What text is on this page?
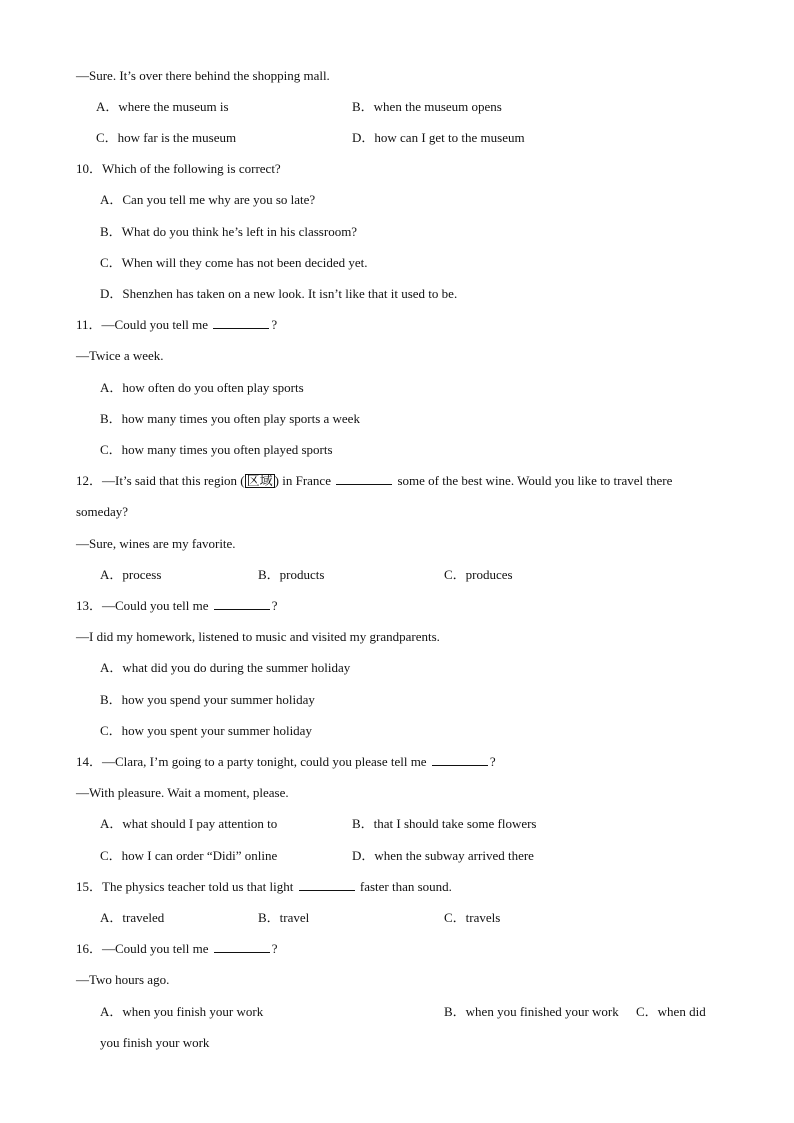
—Sure. It’s over there behind the shopping mall.
A．where the museum is	B．when the museum opens
C．how far is the museum	D．how can I get to the museum
10．Which of the following is correct?
A．Can you tell me why are you so late?
B．What do you think he’s left in his classroom?
C．When will they come has not been decided yet.
D．Shenzhen has taken on a new look. It isn’t like that it used to be.
11．—Could you tell me	?
—Twice a week.
A．how often do you often play sports
B．how many times you often play sports a week
C．how many times you often played sports
12．—It’s said that this region ( 区域 ) in France	some of the best wine. Would you like to travel there
someday?
—Sure, wines are my favorite.
A．process	B．products	C．produces
13．—Could you tell me	?
—I did my homework, listened to music and visited my grandparents.
A．what did you do during the summer holiday
B．how you spend your summer holiday
C．how you spent your summer holiday
14．—Clara, I’m going to a party tonight, could you please tell me	?
—With pleasure. Wait a moment, please.
A．what should I pay attention to	B．that I should take some flowers
C．how I can order “Didi” online	D．when the subway arrived there
15．The physics teacher told us that light	faster than sound.
A．traveled	B．travel	C．travels
16．—Could you tell me	?
—Two hours ago.
A．when you finish your work	B．when you finished your work C．when did
you finish your work
